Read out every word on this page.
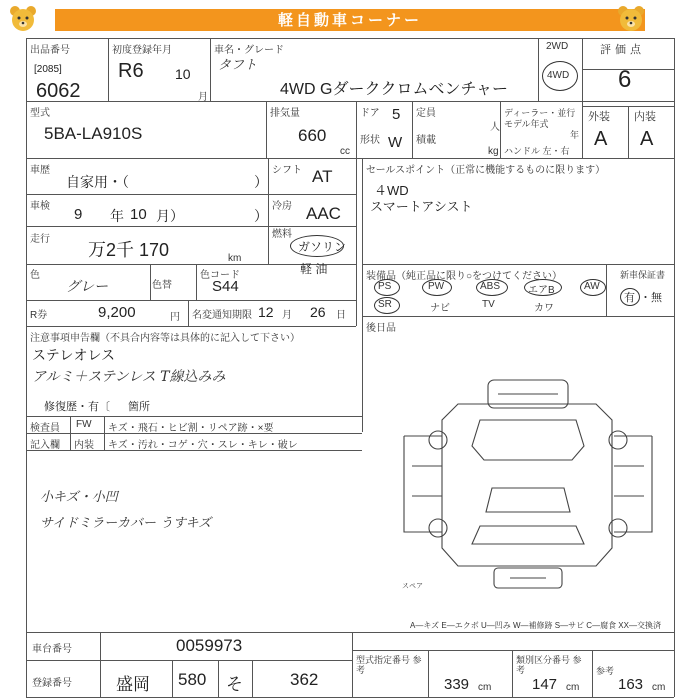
軽自動車コーナー
出品番号
[2085]
6062
初度登録年月
R6 10
月
車名・グレード
タフト
4WD Gダーククロムベンチャー
2WD
4WD
評価点
6
外装 内装
A A
型式
5BA-LA910S
排気量
660
cc
ドア 5 定員
人
形状 W 積載
kg
ディーラー・並行
モデル年式
年
ハンドル 左・右
車歴
自家用・（	）
シフト AT
車検 9 年 10 月）	）
冷房 AAC
走行
万2千 170	km
燃料
ガソリン
軽 油
色
グレー	色替
色コード
S44
R券	9,200	円 名変通知期限 12 月 26 日
セールスポイント（正常に機能するものに限ります）
４WD
スマートアシスト
装備品（純正品に限り○をつけてください）
PS	PW	ABS	エアB	AW
SR	ナビ	TV	カワ
新車保証書
有 ・無
後日品
注意事項申告欄（不具合内容等は具体的に記入して下さい）
ステレオレス
アルミ＋ステンレス T線込みみ
修復歴・有〔 箇所
検査員
記入欄
FW キズ・飛石・ヒビ割・リペア跡・×要
内装 キズ・汚れ・コゲ・穴・スレ・キレ・破レ
小キズ・小凹
サイドミラーカバー うすキズ
スペア
A—キズ E—エクボ U—凹み W—補修跡 S—サビ C—腐食 XX—交換済
車台番号	0059973
登録番号	盛岡 580 そ	362
型式指定番号 参考
339 cm
類別区分番号 参考
147 cm
参考
163 cm
